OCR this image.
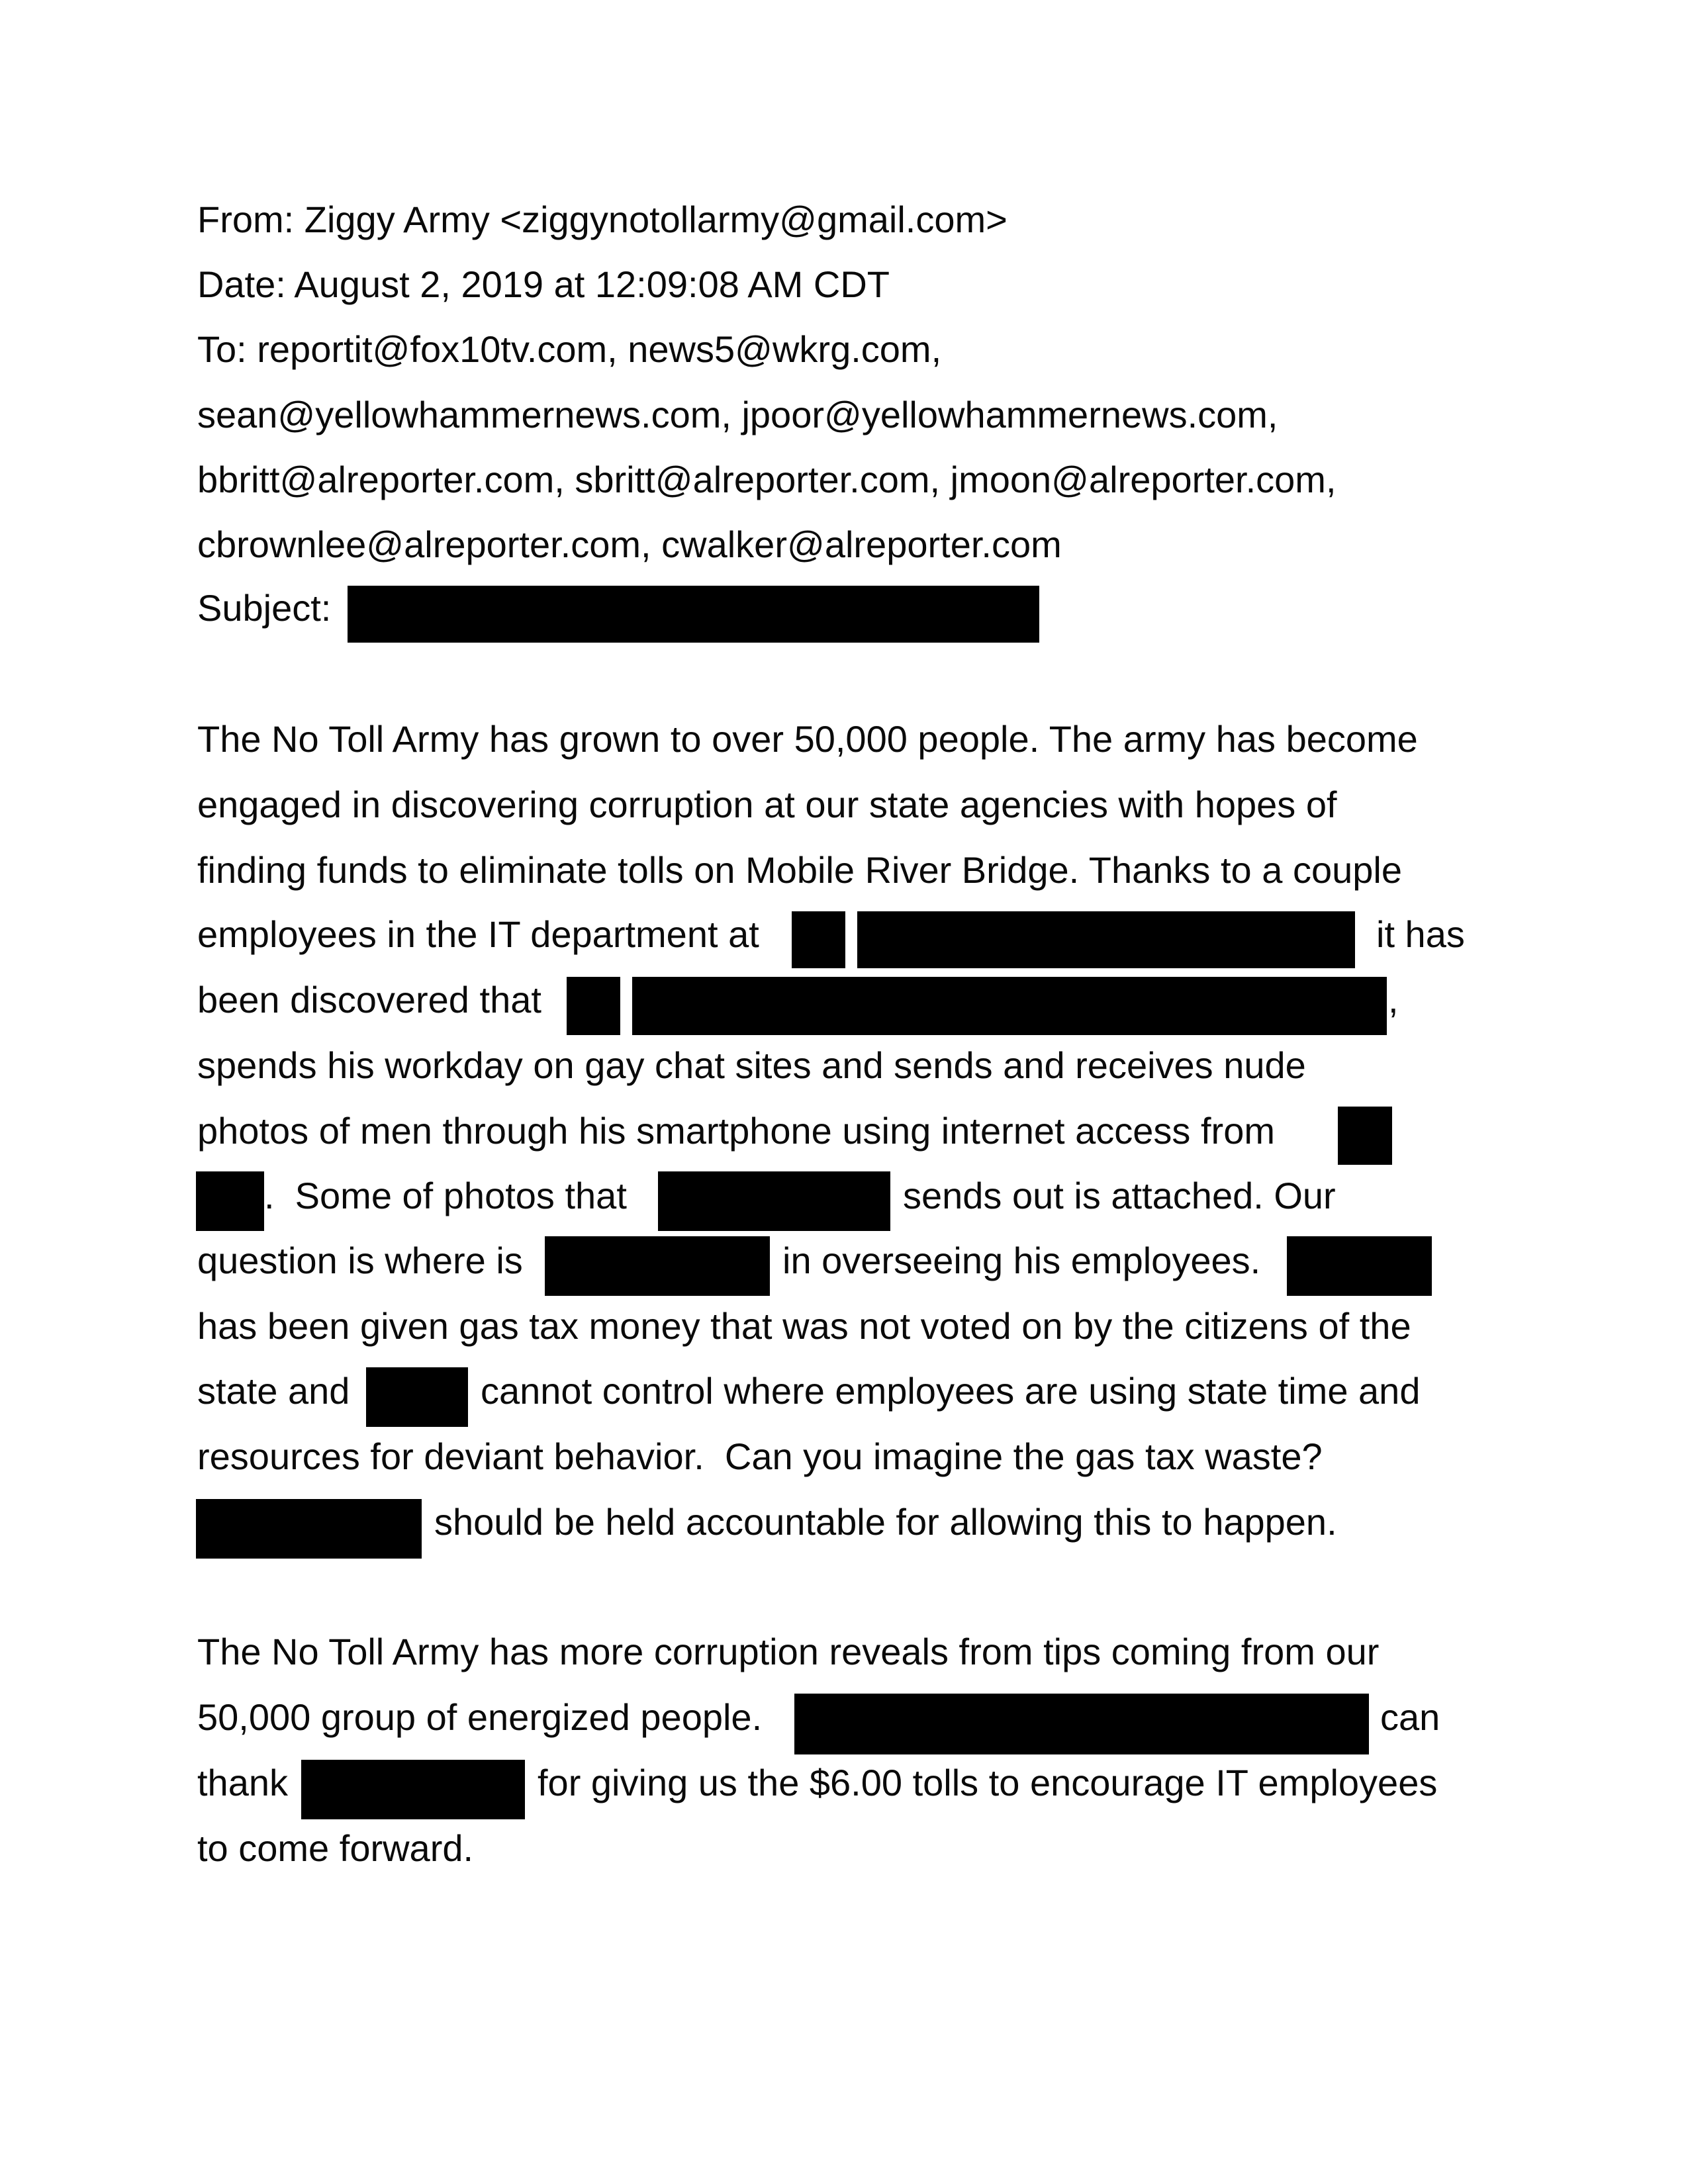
From: Ziggy Army <ziggynotollarmy@gmail.com>
Date: August 2, 2019 at 12:09:08 AM CDT
To: reportit@fox10tv.com, news5@wkrg.com,
sean@yellowhammernews.com, jpoor@yellowhammernews.com,
bbritt@alreporter.com, sbritt@alreporter.com, jmoon@alreporter.com,
cbrownlee@alreporter.com, cwalker@alreporter.com
Subject:
The No Toll Army has grown to over 50,000 people. The army has become
engaged in discovering corruption at our state agencies with hopes of
finding funds to eliminate tolls on Mobile River Bridge. Thanks to a couple
employees in the IT department at	it has
been discovered that	,
spends his workday on gay chat sites and sends and receives nude
photos of men through his smartphone using internet access from
.  Some of photos that	sends out is attached. Our
question is where is	in overseeing his employees.
has been given gas tax money that was not voted on by the citizens of the
state and	cannot control where employees are using state time and
resources for deviant behavior.  Can you imagine the gas tax waste?
should be held accountable for allowing this to happen.
The No Toll Army has more corruption reveals from tips coming from our
50,000 group of energized people.	can
thank	for giving us the $6.00 tolls to encourage IT employees
to come forward.
